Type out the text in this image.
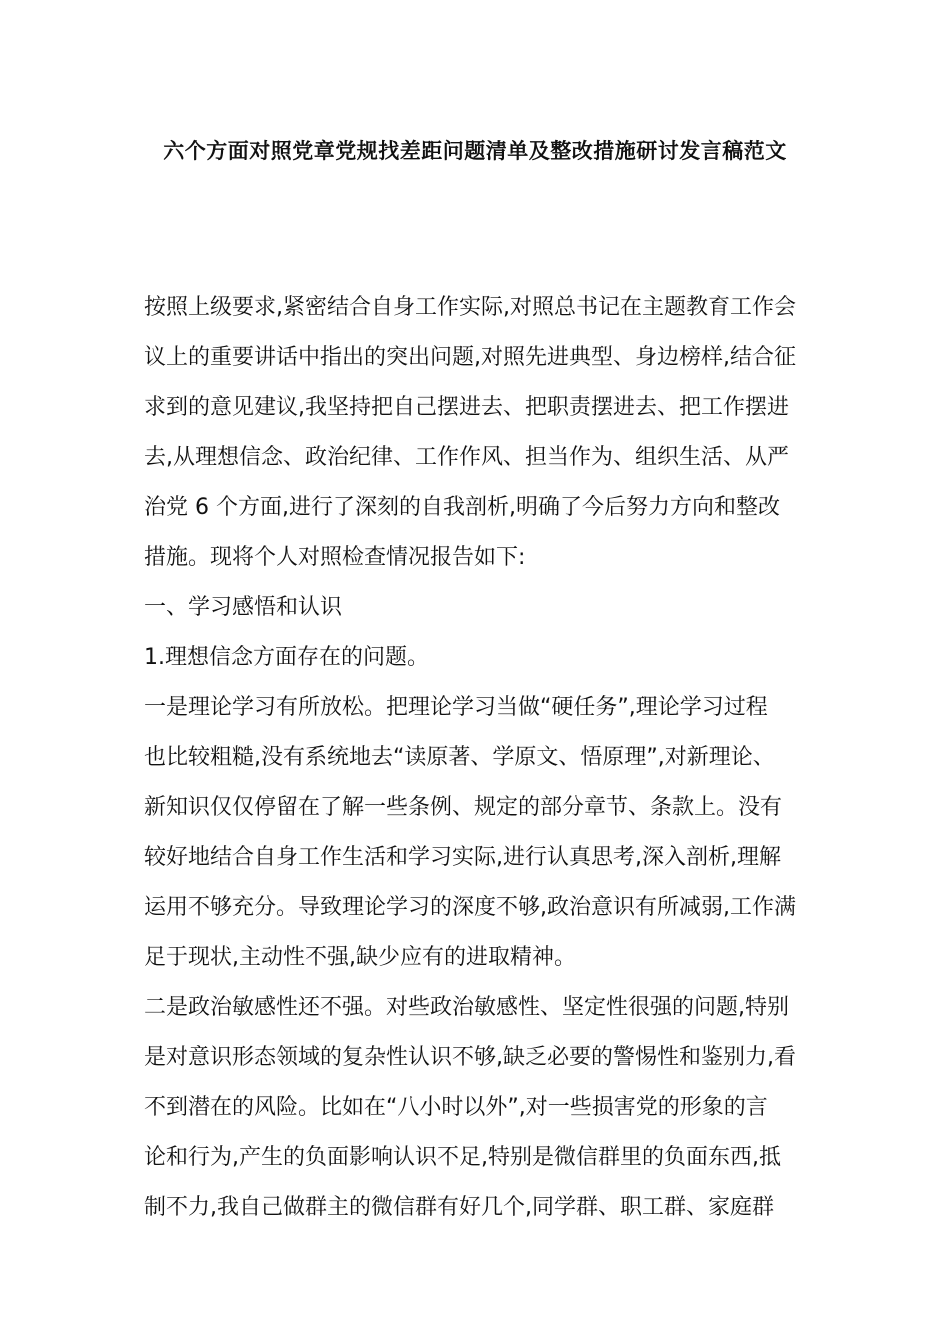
六个方面对照党章党规找差距问题清单及整改措施研讨发言稿范文
按照上级要求,紧密结合自身工作实际,对照总书记在主题教育工作会
议上的重要讲话中指出的突出问题,对照先进典型、身边榜样,结合征
求到的意见建议,我坚持把自己摆进去、把职责摆进去、把工作摆进
去,从理想信念、政治纪律、工作作风、担当作为、组织生活、从严
治党 6 个方面,进行了深刻的自我剖析,明确了今后努力方向和整改
措施。现将个人对照检查情况报告如下:
一、学习感悟和认识
1.理想信念方面存在的问题。
一是理论学习有所放松。把理论学习当做“硬任务”,理论学习过程
也比较粗糙,没有系统地去“读原著、学原文、悟原理”,对新理论、
新知识仅仅停留在了解一些条例、规定的部分章节、条款上。没有
较好地结合自身工作生活和学习实际,进行认真思考,深入剖析,理解
运用不够充分。导致理论学习的深度不够,政治意识有所减弱,工作满
足于现状,主动性不强,缺少应有的进取精神。
二是政治敏感性还不强。对些政治敏感性、坚定性很强的问题,特别
是对意识形态领域的复杂性认识不够,缺乏必要的警惕性和鉴别力,看
不到潜在的风险。比如在“八小时以外”,对一些损害党的形象的言
论和行为,产生的负面影响认识不足,特别是微信群里的负面东西,抵
制不力,我自己做群主的微信群有好几个,同学群、职工群、家庭群
